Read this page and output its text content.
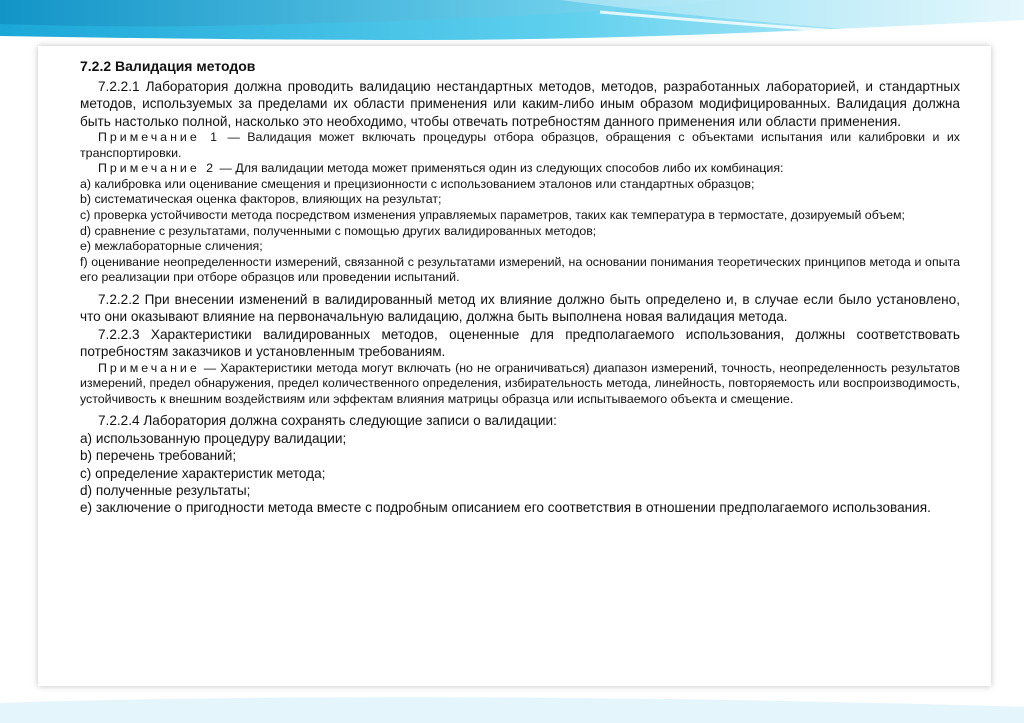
7.2.2 Валидация методов

7.2.2.1 Лаборатория должна проводить валидацию нестандартных методов, методов, разработанных лабораторией, и стандартных методов, используемых за пределами их области применения или каким-либо иным образом модифицированных. Валидация должна быть настолько полной, насколько это необходимо, чтобы отвечать потребностям данного применения или области применения.

Примечание 1 — Валидация может включать процедуры отбора образцов, обращения с объектами испытания или калибровки и их транспортировки.

Примечание 2 — Для валидации метода может применяться один из следующих способов либо их комбинация:

a) калибровка или оценивание смещения и прецизионности с использованием эталонов или стандартных образцов;

b) систематическая оценка факторов, влияющих на результат;

c) проверка устойчивости метода посредством изменения управляемых параметров, таких как температура в термостате, дозируемый объем;

d) сравнение с результатами, полученными с помощью других валидированных методов;

e) межлабораторные сличения;

f) оценивание неопределенности измерений, связанной с результатами измерений, на основании понимания теоретических принципов метода и опыта его реализации при отборе образцов или проведении испытаний.

7.2.2.2 При внесении изменений в валидированный метод их влияние должно быть определено и, в случае если было установлено, что они оказывают влияние на первоначальную валидацию, должна быть выполнена новая валидация метода.

7.2.2.3 Характеристики валидированных методов, оцененные для предполагаемого использования, должны соответствовать потребностям заказчиков и установленным требованиям.

Примечание — Характеристики метода могут включать (но не ограничиваться) диапазон измерений, точность, неопределенность результатов измерений, предел обнаружения, предел количественного определения, избирательность метода, линейность, повторяемость или воспроизводимость, устойчивость к внешним воздействиям или эффектам влияния матрицы образца или испытываемого объекта и смещение.

7.2.2.4 Лаборатория должна сохранять следующие записи о валидации:

a) использованную процедуру валидации;

b) перечень требований;

c) определение характеристик метода;

d) полученные результаты;

e) заключение о пригодности метода вместе с подробным описанием его соответствия в отношении предполагаемого использования.
